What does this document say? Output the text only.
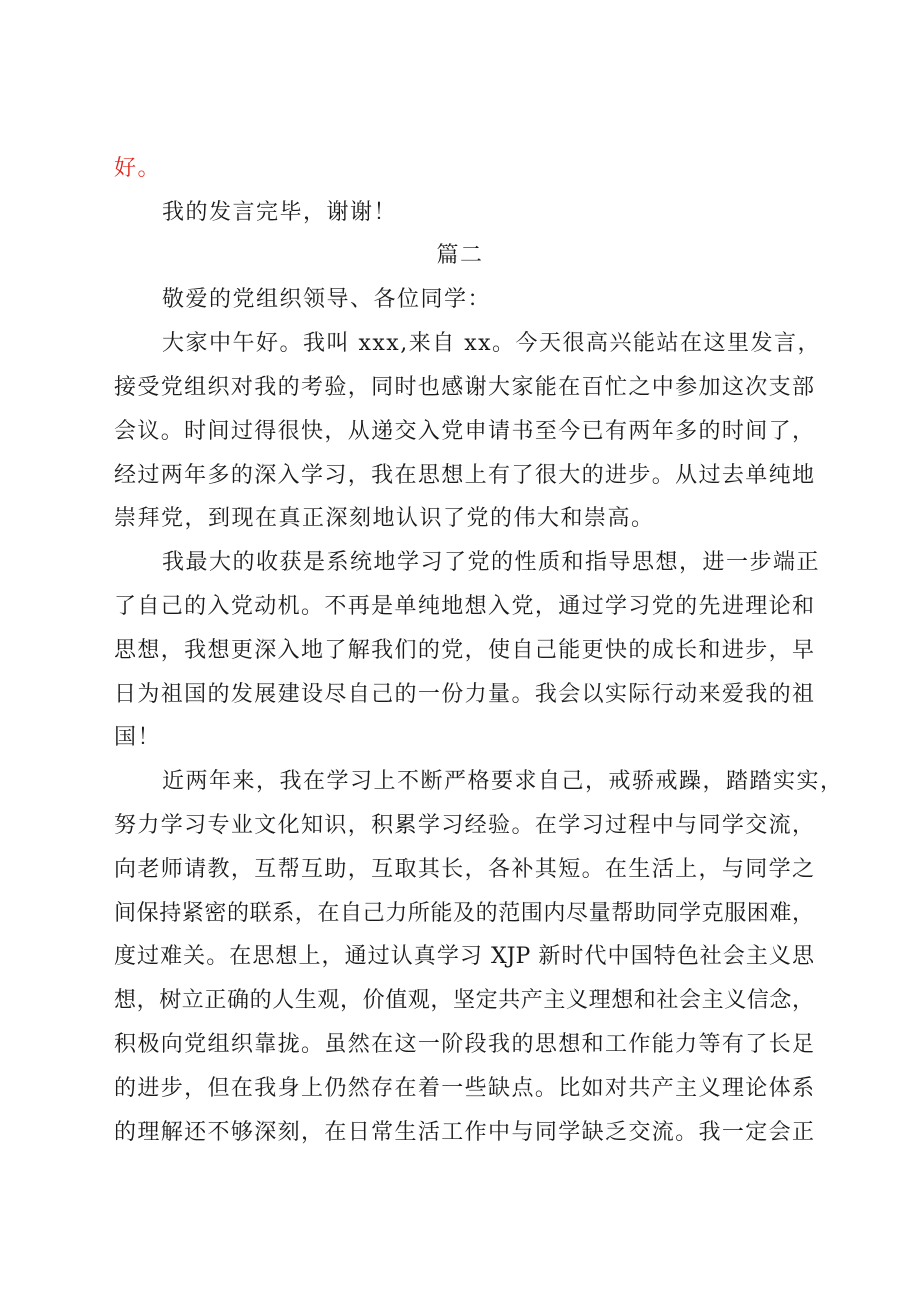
好。
我的发言完毕，谢谢！
篇二
敬爱的党组织领导、各位同学：
大家中午好。我叫 xxx,来自 xx。今天很高兴能站在这里发言，
接受党组织对我的考验，同时也感谢大家能在百忙之中参加这次支部
会议。时间过得很快，从递交入党申请书至今已有两年多的时间了，
经过两年多的深入学习，我在思想上有了很大的进步。从过去单纯地
崇拜党，到现在真正深刻地认识了党的伟大和崇高。
我最大的收获是系统地学习了党的性质和指导思想，进一步端正
了自己的入党动机。不再是单纯地想入党，通过学习党的先进理论和
思想，我想更深入地了解我们的党，使自己能更快的成长和进步，早
日为祖国的发展建设尽自己的一份力量。我会以实际行动来爱我的祖
国！
近两年来，我在学习上不断严格要求自己，戒骄戒躁，踏踏实实，
努力学习专业文化知识，积累学习经验。在学习过程中与同学交流，
向老师请教，互帮互助，互取其长，各补其短。在生活上，与同学之
间保持紧密的联系，在自己力所能及的范围内尽量帮助同学克服困难，
度过难关。在思想上，通过认真学习 XJP 新时代中国特色社会主义思
想，树立正确的人生观，价值观，坚定共产主义理想和社会主义信念，
积极向党组织靠拢。虽然在这一阶段我的思想和工作能力等有了长足
的进步，但在我身上仍然存在着一些缺点。比如对共产主义理论体系
的理解还不够深刻，在日常生活工作中与同学缺乏交流。我一定会正
